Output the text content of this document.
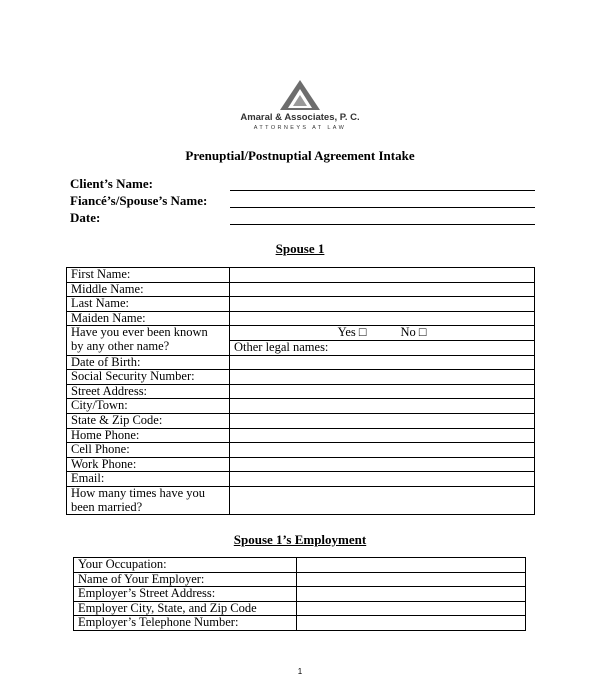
Amaral & Associates, P. C.
ATTORNEYS AT LAW
Prenuptial/Postnuptial Agreement Intake
Client’s Name:
Fiancé’s/Spouse’s Name:
Date:
Spouse 1
First Name:	
Middle Name:	
Last Name:	
Maiden Name:	
Have you ever been known	Yes □ No □
by any other name?	Other legal names:
Date of Birth:	
Social Security Number:	
Street Address:	
City/Town:	
State & Zip Code:	
Home Phone:	
Cell Phone:	
Work Phone:	
Email:	
How many times have you	
been married?	
Spouse 1’s Employment
Your Occupation:	
Name of Your Employer:	
Employer’s Street Address:	
Employer City, State, and Zip Code	
Employer’s Telephone Number:	
1
